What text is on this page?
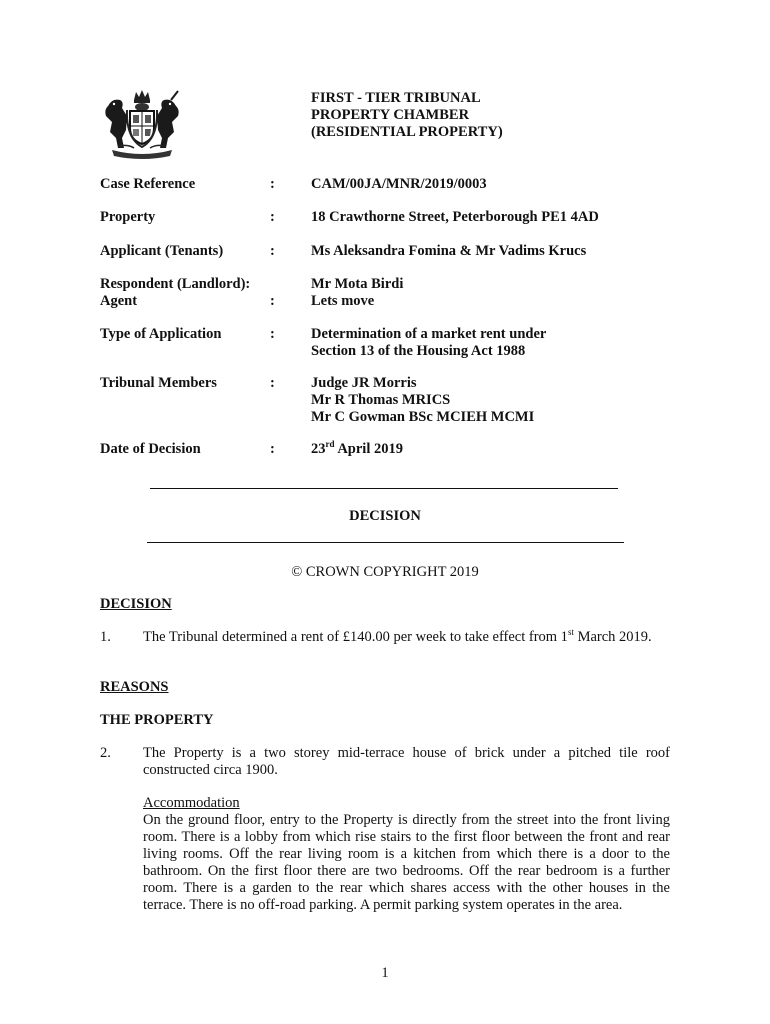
FIRST - TIER TRIBUNAL
PROPERTY CHAMBER
(RESIDENTIAL PROPERTY)
Case Reference	: CAM/00JA/MNR/2019/0003
Property	: 18 Crawthorne Street, Peterborough PE1 4AD
Applicant (Tenants)	: Ms Aleksandra Fomina & Mr Vadims Krucs
Respondent (Landlord):	Mr Mota Birdi
Agent	: Lets move
Type of Application	: Determination of a market rent under
Section 13 of the Housing Act 1988
Tribunal Members	: Judge JR Morris
Mr R Thomas MRICS
Mr C Gowman BSc MCIEH MCMI
Date of Decision	: 23rd April 2019
DECISION
© CROWN COPYRIGHT 2019
DECISION
1. The Tribunal determined a rent of £140.00 per week to take effect from 1st March 2019.
REASONS
THE PROPERTY
2. The Property is a two storey mid-terrace house of brick under a pitched tile roof constructed circa 1900.
Accommodation
On the ground floor, entry to the Property is directly from the street into the front living room. There is a lobby from which rise stairs to the first floor between the front and rear living rooms. Off the rear living room is a kitchen from which there is a door to the bathroom. On the first floor there are two bedrooms. Off the rear bedroom is a further room. There is a garden to the rear which shares access with the other houses in the terrace. There is no off-road parking. A permit parking system operates in the area.
1
